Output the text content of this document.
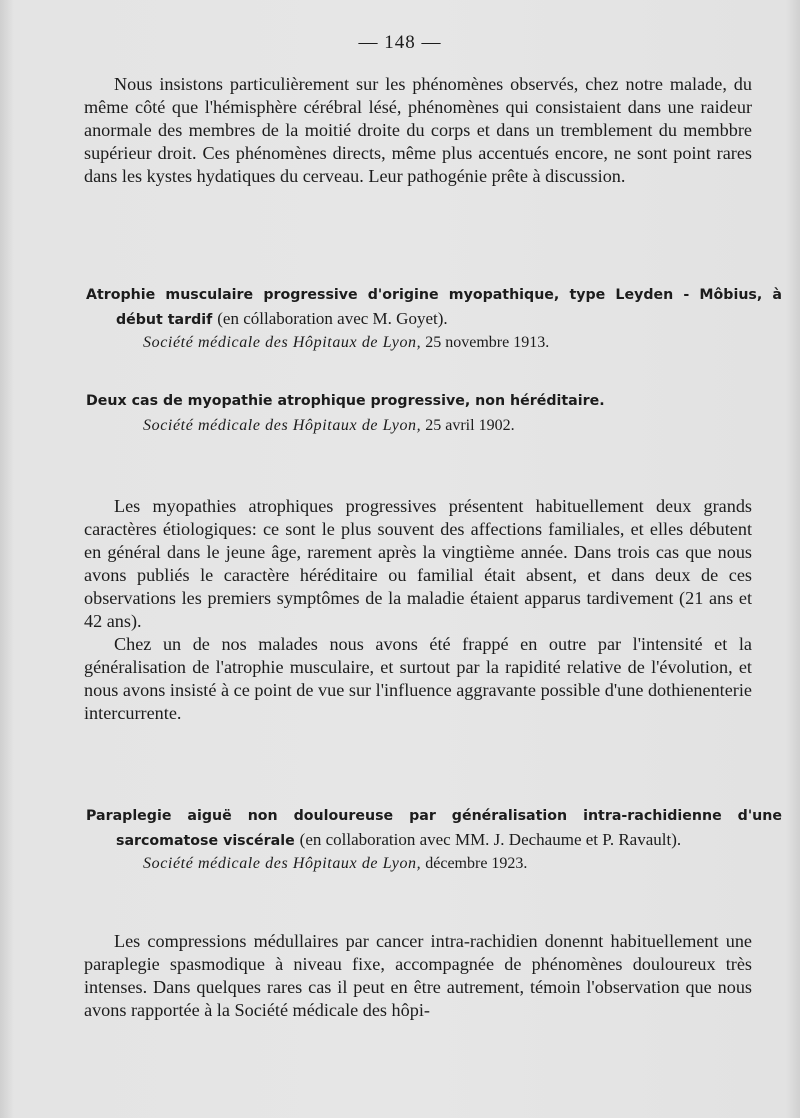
— 148 —

Nous insistons particulièrement sur les phénomènes observés, chez notre malade, du même côté que l'hémisphère cérébral lésé, phénomènes qui consistaient dans une raideur anormale des membres de la moitié droite du corps et dans un tremblement du membbre supérieur droit. Ces phénomènes directs, même plus accentués encore, ne sont point rares dans les kystes hydatiques du cerveau. Leur pathogénie prête à discussion.

Atrophie musculaire progressive d'origine myopathique, type Leyden - Môbius, à début tardif (en cóllaboration avec M. Goyet).

Société médicale des Hôpitaux de Lyon, 25 novembre 1913.

Deux cas de myopathie atrophique progressive, non héréditaire.

Société médicale des Hôpitaux de Lyon, 25 avril 1902.

Les myopathies atrophiques progressives présentent habituellement deux grands caractères étiologiques: ce sont le plus souvent des affections familiales, et elles débutent en général dans le jeune âge, rarement après la vingtième année. Dans trois cas que nous avons publiés le caractère héréditaire ou familial était absent, et dans deux de ces observations les premiers symptômes de la maladie étaient apparus tardivement (21 ans et 42 ans).

Chez un de nos malades nous avons été frappé en outre par l'intensité et la généralisation de l'atrophie musculaire, et surtout par la rapidité relative de l'évolution, et nous avons insisté à ce point de vue sur l'influence aggravante possible d'une dothienenterie intercurrente.

Paraplegie aiguë non douloureuse par généralisation intra-rachidienne d'une sarcomatose viscérale (en collaboration avec MM. J. Dechaume et P. Ravault).

Société médicale des Hôpitaux de Lyon, décembre 1923.

Les compressions médullaires par cancer intra-rachidien donennt habituellement une paraplegie spasmodique à niveau fixe, accompagnée de phénomènes douloureux très intenses. Dans quelques rares cas il peut en être autrement, témoin l'observation que nous avons rapportée à la Société médicale des hôpi-
